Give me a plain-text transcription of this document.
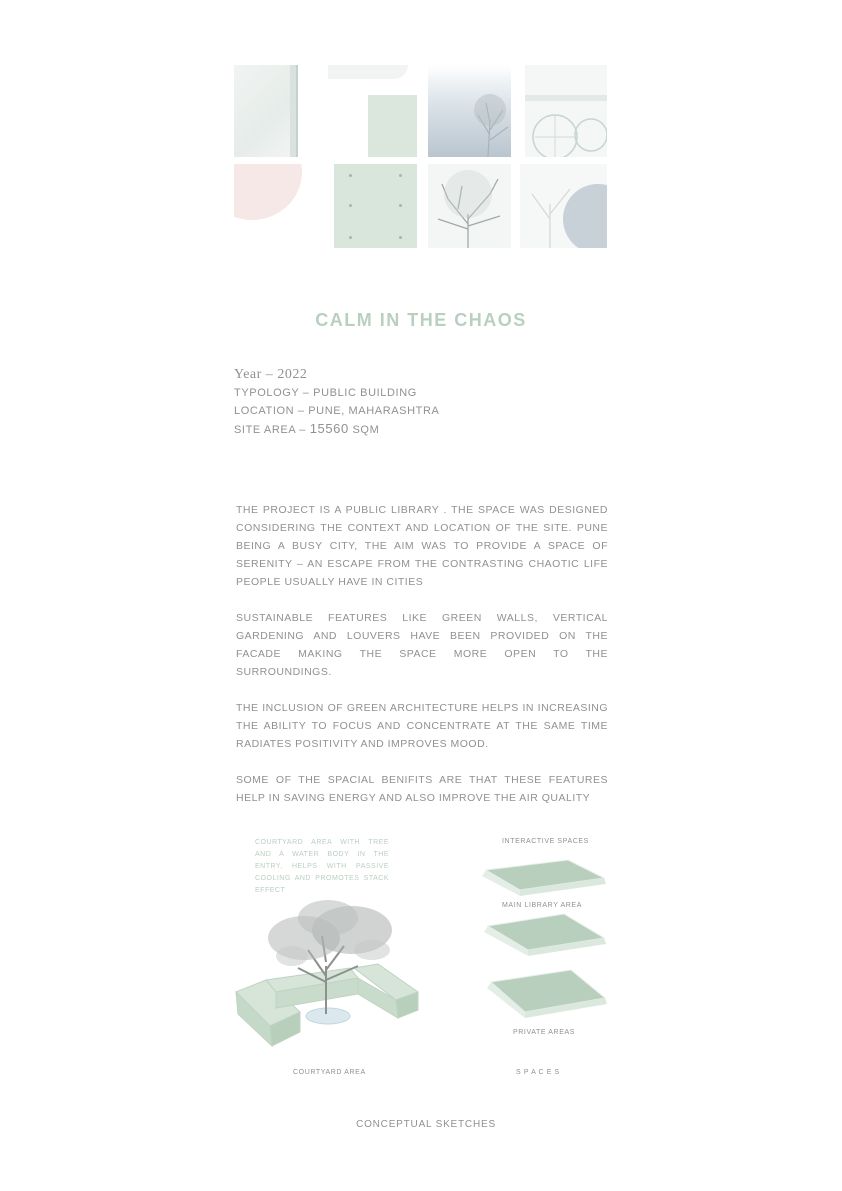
CALM IN THE CHAOS
Year – 2022
TYPOLOGY – PUBLIC BUILDING
LOCATION – PUNE, MAHARASHTRA
SITE AREA – 15560 SQM

THE PROJECT IS A PUBLIC LIBRARY . THE SPACE WAS DESIGNED CONSIDERING THE CONTEXT AND LOCATION OF THE SITE. PUNE BEING A BUSY CITY, THE AIM WAS TO PROVIDE A SPACE OF SERENITY – AN ESCAPE FROM THE CONTRASTING CHAOTIC LIFE PEOPLE USUALLY HAVE IN CITIES

SUSTAINABLE FEATURES LIKE GREEN WALLS, VERTICAL GARDENING AND LOUVERS HAVE BEEN PROVIDED ON THE FACADE MAKING THE SPACE MORE OPEN TO THE SURROUNDINGS.

THE INCLUSION OF GREEN ARCHITECTURE HELPS IN INCREASING THE ABILITY TO FOCUS AND CONCENTRATE AT THE SAME TIME RADIATES POSITIVITY AND IMPROVES MOOD.

SOME OF THE SPACIAL BENIFITS ARE THAT THESE FEATURES HELP IN SAVING ENERGY AND ALSO IMPROVE THE AIR QUALITY

COURTYARD AREA WITH TREE AND A WATER BODY IN THE ENTRY, HELPS WITH PASSIVE COOLING AND PROMOTES STACK EFFECT
COURTYARD AREA
INTERACTIVE SPACES
MAIN LIBRARY AREA
PRIVATE AREAS
S P A C E S
CONCEPTUAL SKETCHES
